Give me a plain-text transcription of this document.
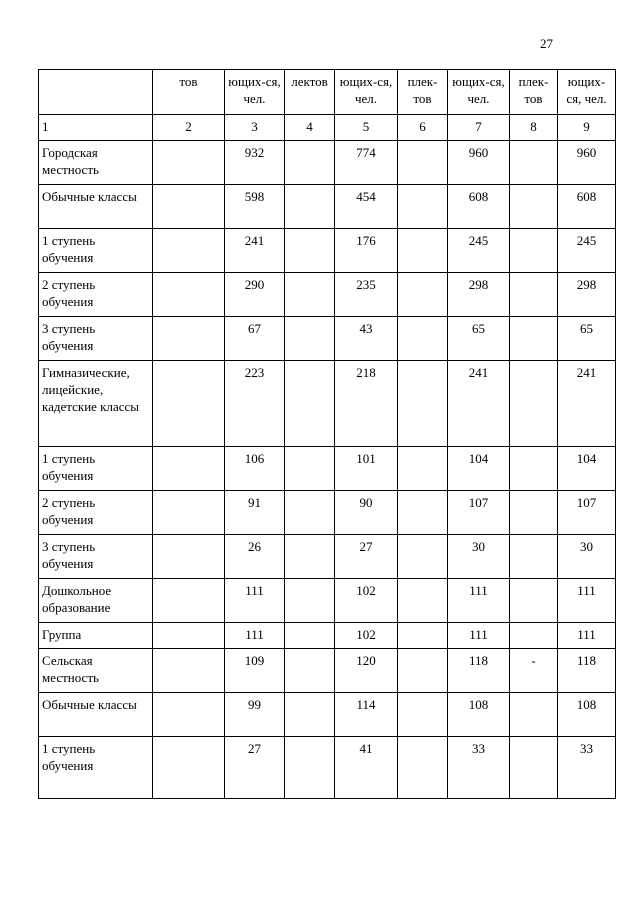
27
	тов	ющих-ся, чел.	лектов	ющих-ся, чел.	плек-тов	ющих-ся, чел.	плек-тов	ющих-ся, чел.
1	2	3	4	5	6	7	8	9
Городская местность		932		774		960		960
Обычные классы		598		454		608		608
1 ступень обучения		241		176		245		245
2 ступень обучения		290		235		298		298
3 ступень обучения		67		43		65		65
Гимназические, лицейские, кадетские классы		223		218		241		241
1 ступень обучения		106		101		104		104
2 ступень обучения		91		90		107		107
3 ступень обучения		26		27		30		30
Дошкольное образование		111		102		111		111
Группа		111		102		111		111
Сельская местность		109		120		118	-	118
Обычные классы		99		114		108		108
1 ступень обучения		27		41		33		33
